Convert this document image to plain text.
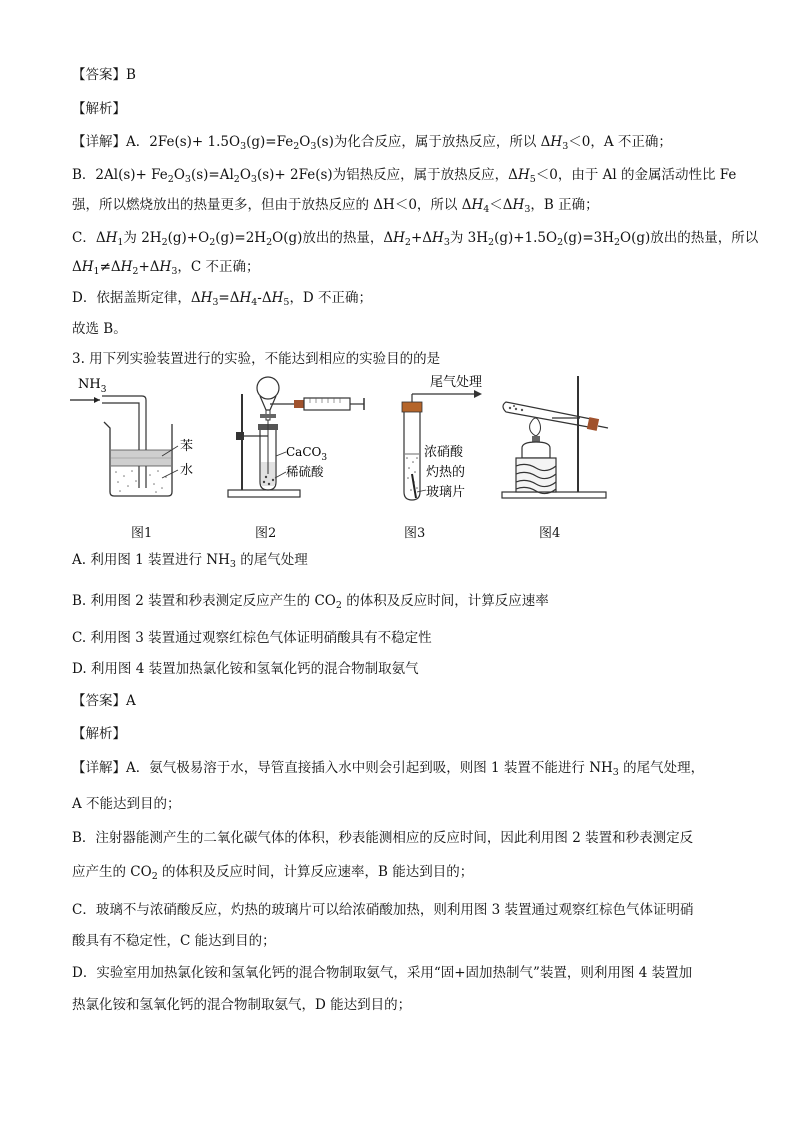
【答案】B
【解析】
【详解】A．$2Fe(s)+ 1.5O_3(g)=Fe_2O_3(s)$为化合反应，属于放热反应，所以 $\Delta H_3<0$，A 不正确；
B．$2Al(s)+ Fe_2O_3(s)=Al_2O_3(s)+ 2Fe(s)$为铝热反应，属于放热反应，$\Delta H_5<0$，由于 Al 的金属活动性比 Fe
强，所以燃烧放出的热量更多，但由于放热反应的 ΔH＜0，所以 $\Delta H_4<\Delta H_3$，B 正确；
C．$\Delta H_1$为 $2H_2(g)+O_2(g)=2H_2O(g)$放出的热量，$\Delta H_2+\Delta H_3$为 $3H_2(g)+1.5O_2(g)=3H_2O(g)$放出的热量，所以
$\Delta H_1\ne\Delta H_2+\Delta H_3$，C 不正确；
D．依据盖斯定律，$\Delta H_3=\Delta H_4-\Delta H_5$，D 不正确；
故选 B。
3. 用下列实验装置进行的实验，不能达到相应的实验目的的是
$NH_3$
苯
水
CaCO$_3$
稀硫酸
尾气处理
浓硝酸
灼热的
玻璃片
图1	图2	图3	图4
A. 利用图 1 装置进行 $NH_3$ 的尾气处理
B. 利用图 2 装置和秒表测定反应产生的 $CO_2$ 的体积及反应时间，计算反应速率
C. 利用图 3 装置通过观察红棕色气体证明硝酸具有不稳定性
D. 利用图 4 装置加热氯化铵和氢氧化钙的混合物制取氨气
【答案】A
【解析】
【详解】A．氨气极易溶于水，导管直接插入水中则会引起到吸，则图 1 装置不能进行 $NH_3$ 的尾气处理，
A 不能达到目的；
B．注射器能测产生的二氧化碳气体的体积，秒表能测相应的反应时间，因此利用图 2 装置和秒表测定反
应产生的 $CO_2$ 的体积及反应时间，计算反应速率，B 能达到目的；
C．玻璃不与浓硝酸反应，灼热的玻璃片可以给浓硝酸加热，则利用图 3 装置通过观察红棕色气体证明硝
酸具有不稳定性，C 能达到目的；
D．实验室用加热氯化铵和氢氧化钙的混合物制取氨气，采用“固+固加热制气”装置，则利用图 4 装置加
热氯化铵和氢氧化钙的混合物制取氨气，D 能达到目的；
